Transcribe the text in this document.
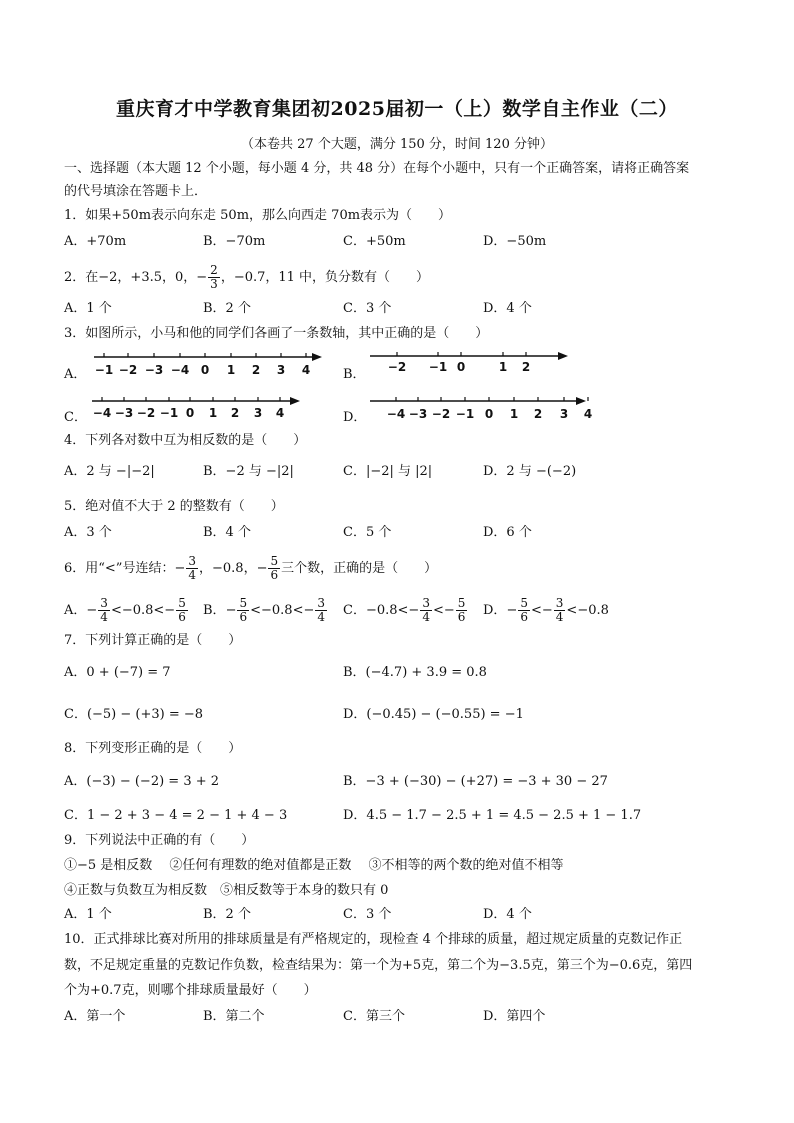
重庆育才中学教育集团初2025届初一（上）数学自主作业（二）
（本卷共 27 个大题，满分 150 分，时间 120 分钟）
一、选择题（本大题 12 个小题，每小题 4 分，共 48 分）在每个小题中，只有一个正确答案，请将正确答案
的代号填涂在答题卡上．
1．如果+50m表示向东走 50m，那么向西走 70m表示为（　　）
A．+70m	B．−70m	C．+50m	D．−50m
2．在−2，+3.5，0，− $\frac{2}{3}$ ，−0.7，11 中，负分数有（　　）
A．1 个	B．2 个	C．3 个	D．4 个
3．如图所示，小马和他的同学们各画了一条数轴，其中正确的是（　　）
A．	B．
C．	D．
−1 −2 −3 −4 0 1 2 3 4	−2 −1 0	1 2
−4 −3 −2 −1 0 1 2 3 4	−4 −3 −2 −1 0 1 2 3 4
4．下列各对数中互为相反数的是（　　）
A．2 与 −|−2|	B．−2 与 −|2|	C．|−2| 与 |2|	D．2 与 −(−2)
5．绝对值不大于 2 的整数有（　　）
A．3 个	B．4 个	C．5 个	D．6 个
6．用“<”号连结：− $\frac{3}{4}$ ，−0.8，− $\frac{5}{6}$ 三个数，正确的是（　　）
A．− $\frac{3}{4} <-0.8<- \frac{5}{6}$ B．− $\frac{5}{6} <-0.8<- \frac{3}{4}$ C．$-0.8<- \frac{3}{4} <- \frac{5}{6}$ D．− $\frac{5}{6} <- \frac{3}{4} <-0.8$
7．下列计算正确的是（　　）
A．0 + (−7) = 7	B．(−4.7) + 3.9 = 0.8
C．(−5) − (+3) = −8	D．(−0.45) − (−0.55) = −1
8．下列变形正确的是（　　）
A．(−3) − (−2) = 3 + 2	B．−3 + (−30) − (+27) = −3 + 30 − 27
C．1 − 2 + 3 − 4 = 2 − 1 + 4 − 3	D．4.5 − 1.7 − 2.5 + 1 = 4.5 − 2.5 + 1 − 1.7
9．下列说法中正确的有（　　）
①−5 是相反数　 ②任何有理数的绝对值都是正数　 ③不相等的两个数的绝对值不相等
④正数与负数互为相反数　⑤相反数等于本身的数只有 0
A．1 个	B．2 个	C．3 个	D．4 个
10．正式排球比赛对所用的排球质量是有严格规定的，现检查 4 个排球的质量，超过规定质量的克数记作正
数，不足规定重量的克数记作负数，检查结果为：第一个为+5克，第二个为−3.5克，第三个为−0.6克，第四
个为+0.7克，则哪个排球质量最好（　　）
A．第一个	B．第二个	C．第三个	D．第四个
